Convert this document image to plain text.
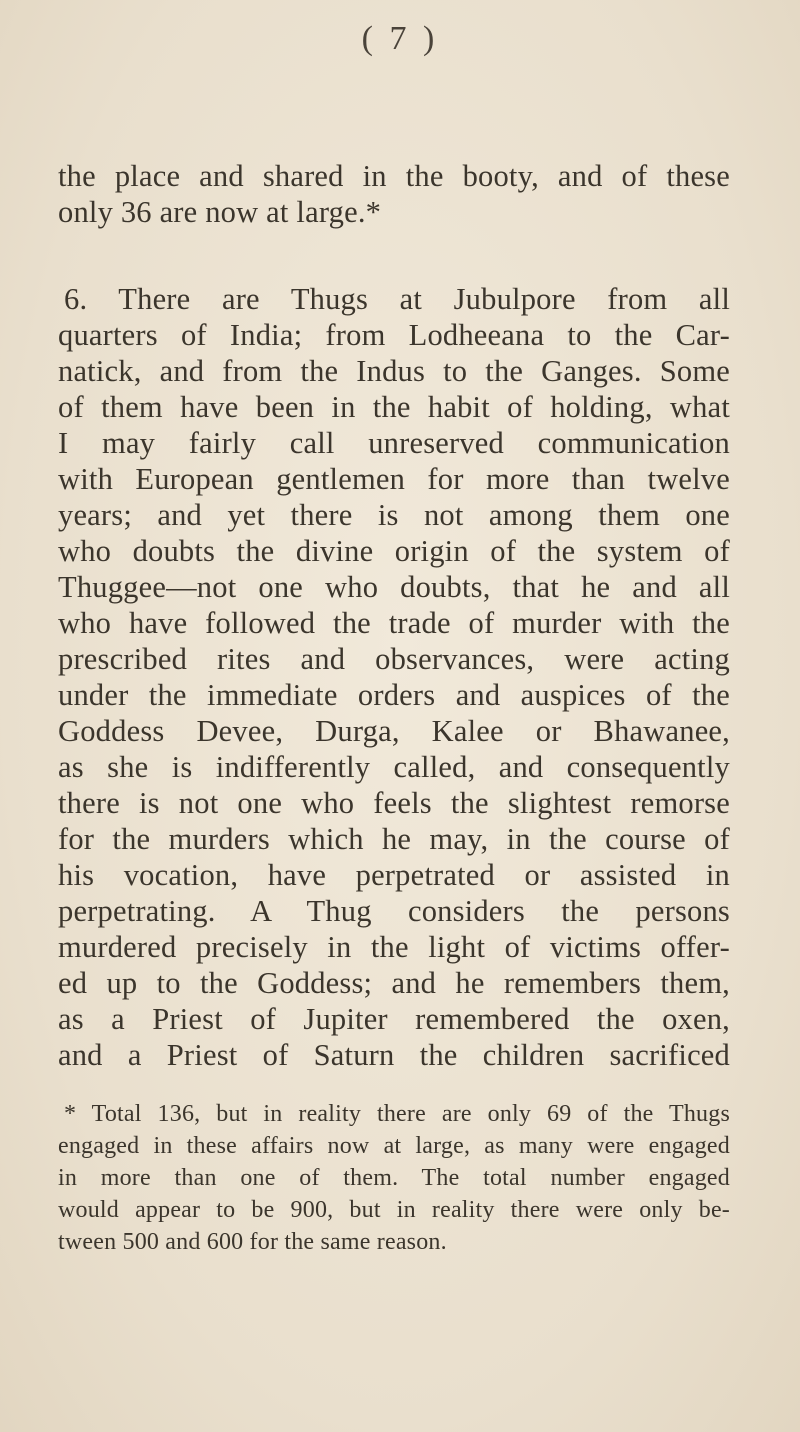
( 7 )
the place and shared in the booty, and of these
only 36 are now at large.*
6. There are Thugs at Jubulpore from all
quarters of India; from Lodheeana to the Car-
natick, and from the Indus to the Ganges. Some
of them have been in the habit of holding, what
I may fairly call unreserved communication
with European gentlemen for more than twelve
years; and yet there is not among them one
who doubts the divine origin of the system of
Thuggee—not one who doubts, that he and all
who have followed the trade of murder with the
prescribed rites and observances, were acting
under the immediate orders and auspices of the
Goddess Devee, Durga, Kalee or Bhawanee,
as she is indifferently called, and consequently
there is not one who feels the slightest remorse
for the murders which he may, in the course of
his vocation, have perpetrated or assisted in
perpetrating. A Thug considers the persons
murdered precisely in the light of victims offer-
ed up to the Goddess; and he remembers them,
as a Priest of Jupiter remembered the oxen,
and a Priest of Saturn the children sacrificed
* Total 136, but in reality there are only 69 of the Thugs
engaged in these affairs now at large, as many were engaged
in more than one of them. The total number engaged
would appear to be 900, but in reality there were only be-
tween 500 and 600 for the same reason.
